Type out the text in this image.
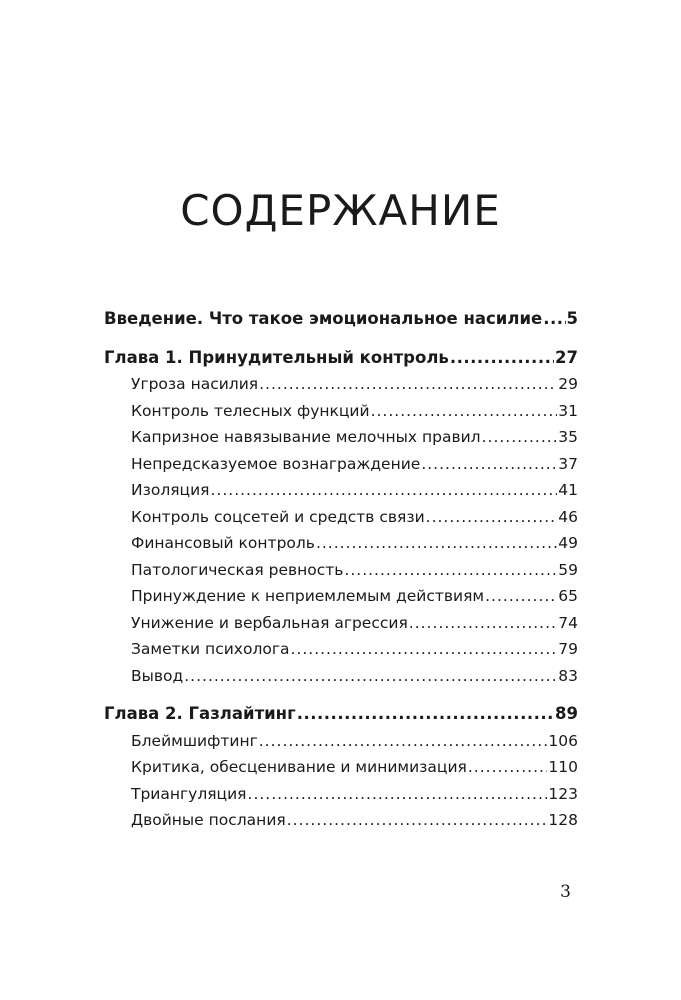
СОДЕРЖАНИЕ
Введение. Что такое эмоциональное насилие ..... 5
Глава 1. Принудительный контроль .....	27
Угроза насилия .....	29
Контроль телесных функций .....	31
Капризное навязывание мелочных правил .....	35
Непредсказуемое вознаграждение .....	37
Изоляция .....	41
Контроль соцсетей и средств связи .....	46
Финансовый контроль .....	49
Патологическая ревность .....	59
Принуждение к неприемлемым действиям .....	65
Унижение и вербальная агрессия .....	74
Заметки психолога .....	79
Вывод .....	83
Глава 2. Газлайтинг .....	89
Блеймшифтинг .....	106
Критика, обесценивание и минимизация .....	110
Триангуляция .....	123
Двойные послания .....	128
3
